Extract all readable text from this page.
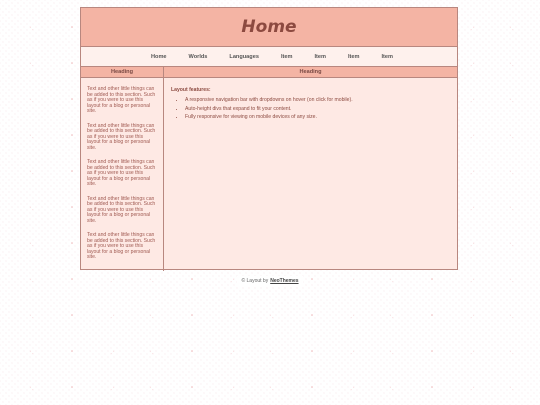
Home
Home	Worlds	Languages	Item	Item	Item	Item
Heading
Text and other little things can be added to this section. Such as if you were to use this layout for a blog or personal site.
Text and other little things can be added to this section. Such as if you were to use this layout for a blog or personal site.
Text and other little things can be added to this section. Such as if you were to use this layout for a blog or personal site.
Text and other little things can be added to this section. Such as if you were to use this layout for a blog or personal site.
Text and other little things can be added to this section. Such as if you were to use this layout for a blog or personal site.
Heading
Layout features:
• A responsive navigation bar with dropdowns on hover (on click for mobile).
• Auto-height divs that expand to fit your content.
• Fully responsive for viewing on mobile devices of any size.
© Layout by NeoThemes
